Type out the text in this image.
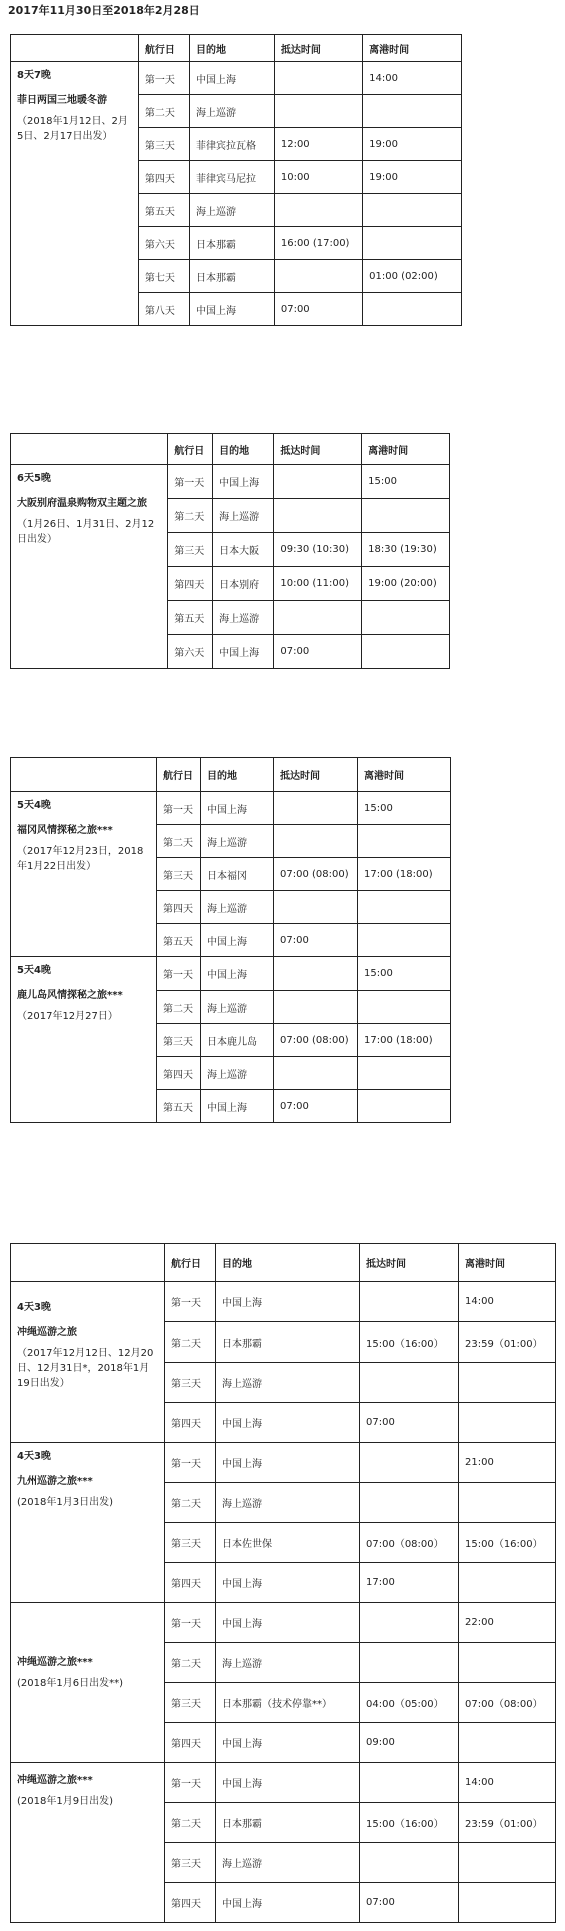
2017年11月30日至2018年2月28日
	航行日	目的地	抵达时间	离港时间

8天7晚
菲日两国三地暖冬游
（2018年1月12日、2月5日、2月17日出发）	第一天	中国上海		14:00
	第二天	海上巡游		
	第三天	菲律宾拉瓦格	12:00	19:00
	第四天	菲律宾马尼拉	10:00	19:00
	第五天	海上巡游		
	第六天	日本那霸	16:00 (17:00)	
	第七天	日本那霸		01:00 (02:00)
	第八天	中国上海	07:00	
	航行日	目的地	抵达时间	离港时间

6天5晚
大阪别府温泉购物双主题之旅
（1月26日、1月31日、2月12日出发）	第一天	中国上海		15:00
	第二天	海上巡游		
	第三天	日本大阪	09:30 (10:30)	18:30 (19:30)
	第四天	日本别府	10:00 (11:00)	19:00 (20:00)
	第五天	海上巡游		
	第六天	中国上海	07:00	
	航行日	目的地	抵达时间	离港时间

5天4晚
福冈风情探秘之旅***
（2017年12月23日，2018年1月22日出发）	第一天	中国上海		15:00
	第二天	海上巡游		
	第三天	日本福冈	07:00 (08:00)	17:00 (18:00)
	第四天	海上巡游		
	第五天	中国上海	07:00	

5天4晚
鹿儿岛风情探秘之旅***
（2017年12月27日）	第一天	中国上海		15:00
	第二天	海上巡游		
	第三天	日本鹿儿岛	07:00 (08:00)	17:00 (18:00)
	第四天	海上巡游		
	第五天	中国上海	07:00	
	航行日	目的地	抵达时间	离港时间

4天3晚
冲绳巡游之旅
（2017年12月12日、12月20日、12月31日*，2018年1月19日出发）	第一天	中国上海		14:00
	第二天	日本那霸	15:00（16:00）	23:59（01:00）
	第三天	海上巡游		
	第四天	中国上海	07:00	

4天3晚
九州巡游之旅***
(2018年1月3日出发)	第一天	中国上海		21:00
	第二天	海上巡游		
	第三天	日本佐世保	07:00（08:00）	15:00（16:00）
	第四天	中国上海	17:00	

冲绳巡游之旅***
(2018年1月6日出发**)	第一天	中国上海		22:00
	第二天	海上巡游		
	第三天	日本那霸（技术停靠**）	04:00（05:00）	07:00（08:00）
	第四天	中国上海	09:00	

冲绳巡游之旅***
(2018年1月9日出发)	第一天	中国上海		14:00
	第二天	日本那霸	15:00（16:00）	23:59（01:00）
	第三天	海上巡游		
	第四天	中国上海	07:00	
